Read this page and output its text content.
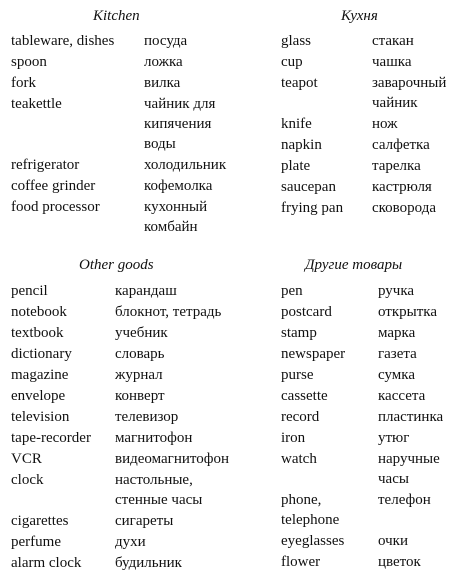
Kitchen	Кухня
tableware, dishes посуда
spoon	ложка
fork	вилка
teakettle	чайник для
кипячения
воды
refrigerator	холодильник
coffee grinder	кофемолка
food processor	кухонный
комбайн
glass	стакан
cup	чашка
teapot	заварочный
чайник
knife	нож
napkin	салфетка
plate	тарелка
saucepan кастрюля
frying pan сковорода
Other goods	Другие товары
pencil	карандаш
notebook	блокнот, тетрадь
textbook	учебник
dictionary	словарь
magazine	журнал
envelope	конверт
television	телевизор
tape-recorder магнитофон
VCR	видеомагнитофон
clock	настольные,
стенные часы
cigarettes	сигареты
perfume	духи
alarm clock будильник
pen	ручка
postcard	открытка
stamp	марка
newspaper газета
purse	сумка
cassette	кассета
record	пластинка
iron	утюг
watch	наручные
часы
phone,
telephone
телефон
eyeglasses очки
flower	цветок
